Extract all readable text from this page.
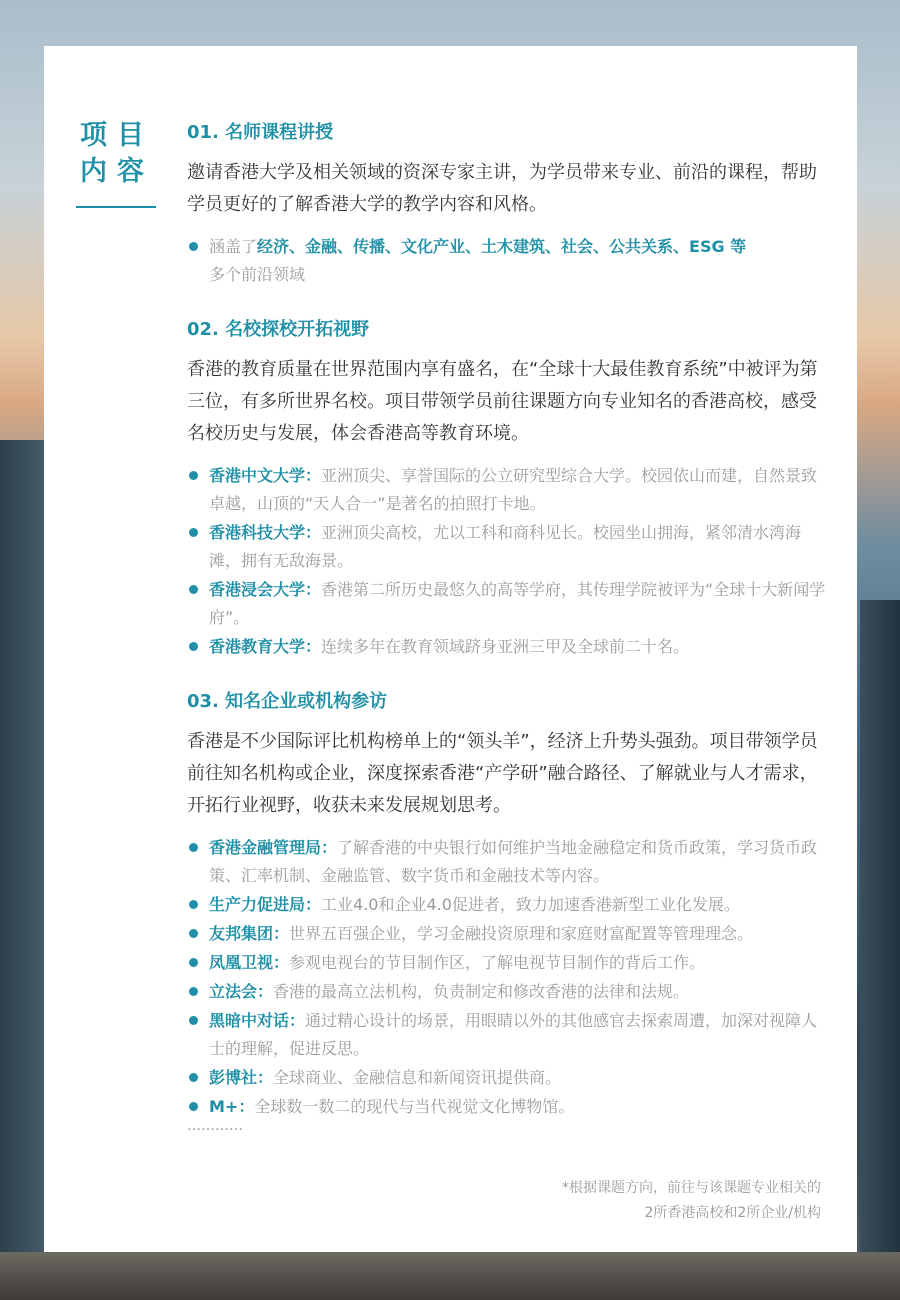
项目
内容
01. 名师课程讲授
邀请香港大学及相关领域的资深专家主讲，为学员带来专业、前沿的课程，帮助学员更好的了解香港大学的教学内容和风格。
涵盖了经济、金融、传播、文化产业、土木建筑、社会、公共关系、ESG 等
多个前沿领域
02. 名校探校开拓视野
香港的教育质量在世界范围内享有盛名，在“全球十大最佳教育系统”中被评为第三位，有多所世界名校。项目带领学员前往课题方向专业知名的香港高校，感受名校历史与发展，体会香港高等教育环境。
香港中文大学：亚洲顶尖、享誉国际的公立研究型综合大学。校园依山而建，自然景致卓越，山顶的“天人合一”是著名的拍照打卡地。
香港科技大学：亚洲顶尖高校，尤以工科和商科见长。校园坐山拥海，紧邻清水湾海滩，拥有无敌海景。
香港浸会大学：香港第二所历史最悠久的高等学府，其传理学院被评为“全球十大新闻学府”。
香港教育大学：连续多年在教育领域跻身亚洲三甲及全球前二十名。
03. 知名企业或机构参访
香港是不少国际评比机构榜单上的“领头羊”，经济上升势头强劲。项目带领学员前往知名机构或企业，深度探索香港“产学研”融合路径、了解就业与人才需求，开拓行业视野，收获未来发展规划思考。
香港金融管理局：了解香港的中央银行如何维护当地金融稳定和货币政策，学习货币政策、汇率机制、金融监管、数字货币和金融技术等内容。
生产力促进局：工业4.0和企业4.0促进者，致力加速香港新型工业化发展。
友邦集团：世界五百强企业，学习金融投资原理和家庭财富配置等管理理念。
凤凰卫视：参观电视台的节目制作区，了解电视节目制作的背后工作。
立法会：香港的最高立法机构，负责制定和修改香港的法律和法规。
黑暗中对话：通过精心设计的场景，用眼睛以外的其他感官去探索周遭，加深对视障人士的理解，促进反思。
彭博社：全球商业、金融信息和新闻资讯提供商。
M+：全球数一数二的现代与当代视觉文化博物馆。
…………
*根据课题方向，前往与该课题专业相关的
2所香港高校和2所企业/机构
